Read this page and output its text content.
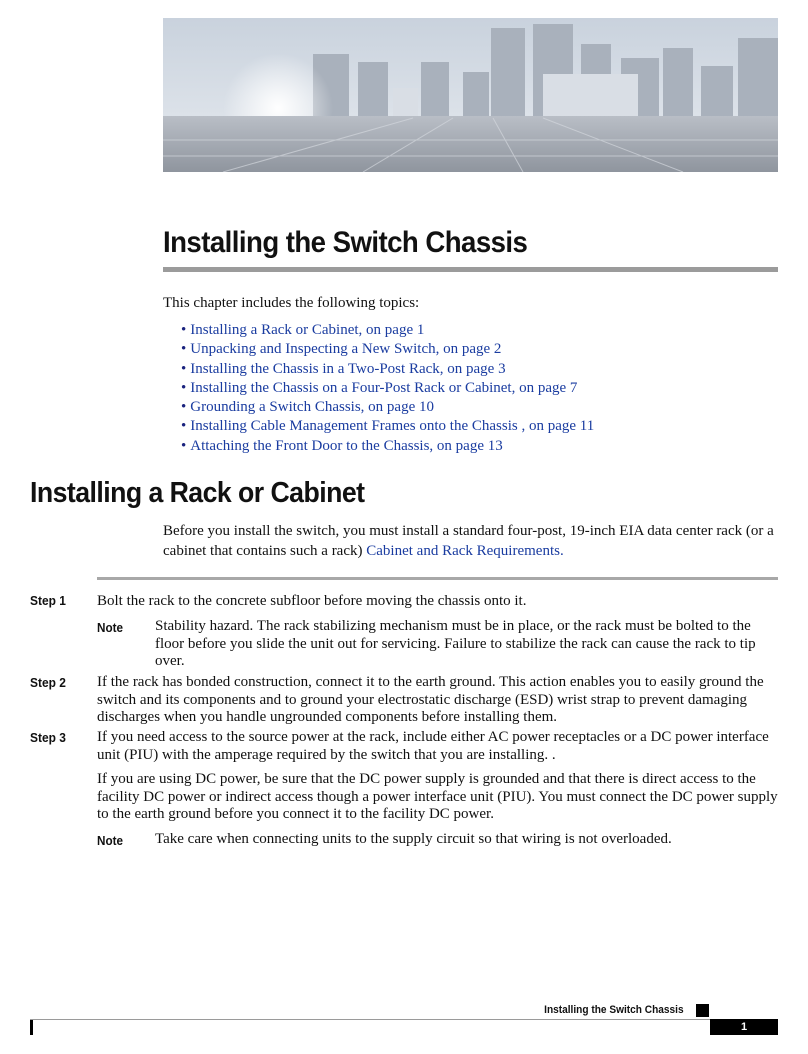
Installing the Switch Chassis
This chapter includes the following topics:
• Installing a Rack or Cabinet, on page 1
• Unpacking and Inspecting a New Switch, on page 2
• Installing the Chassis in a Two-Post Rack, on page 3
• Installing the Chassis on a Four-Post Rack or Cabinet, on page 7
• Grounding a Switch Chassis, on page 10
• Installing Cable Management Frames onto the Chassis , on page 11
• Attaching the Front Door to the Chassis, on page 13
Installing a Rack or Cabinet
Before you install the switch, you must install a standard four-post, 19-inch EIA data center rack (or a cabinet that contains such a rack) Cabinet and Rack Requirements.
Step 1 Bolt the rack to the concrete subfloor before moving the chassis onto it.
Note Stability hazard. The rack stabilizing mechanism must be in place, or the rack must be bolted to the floor before you slide the unit out for servicing. Failure to stabilize the rack can cause the rack to tip over.
Step 2 If the rack has bonded construction, connect it to the earth ground. This action enables you to easily ground the switch and its components and to ground your electrostatic discharge (ESD) wrist strap to prevent damaging discharges when you handle ungrounded components before installing them.
Step 3 If you need access to the source power at the rack, include either AC power receptacles or a DC power interface unit (PIU) with the amperage required by the switch that you are installing. .
If you are using DC power, be sure that the DC power supply is grounded and that there is direct access to the facility DC power or indirect access though a power interface unit (PIU). You must connect the DC power supply to the earth ground before you connect it to the facility DC power.
Note Take care when connecting units to the supply circuit so that wiring is not overloaded.
Installing the Switch Chassis
1
